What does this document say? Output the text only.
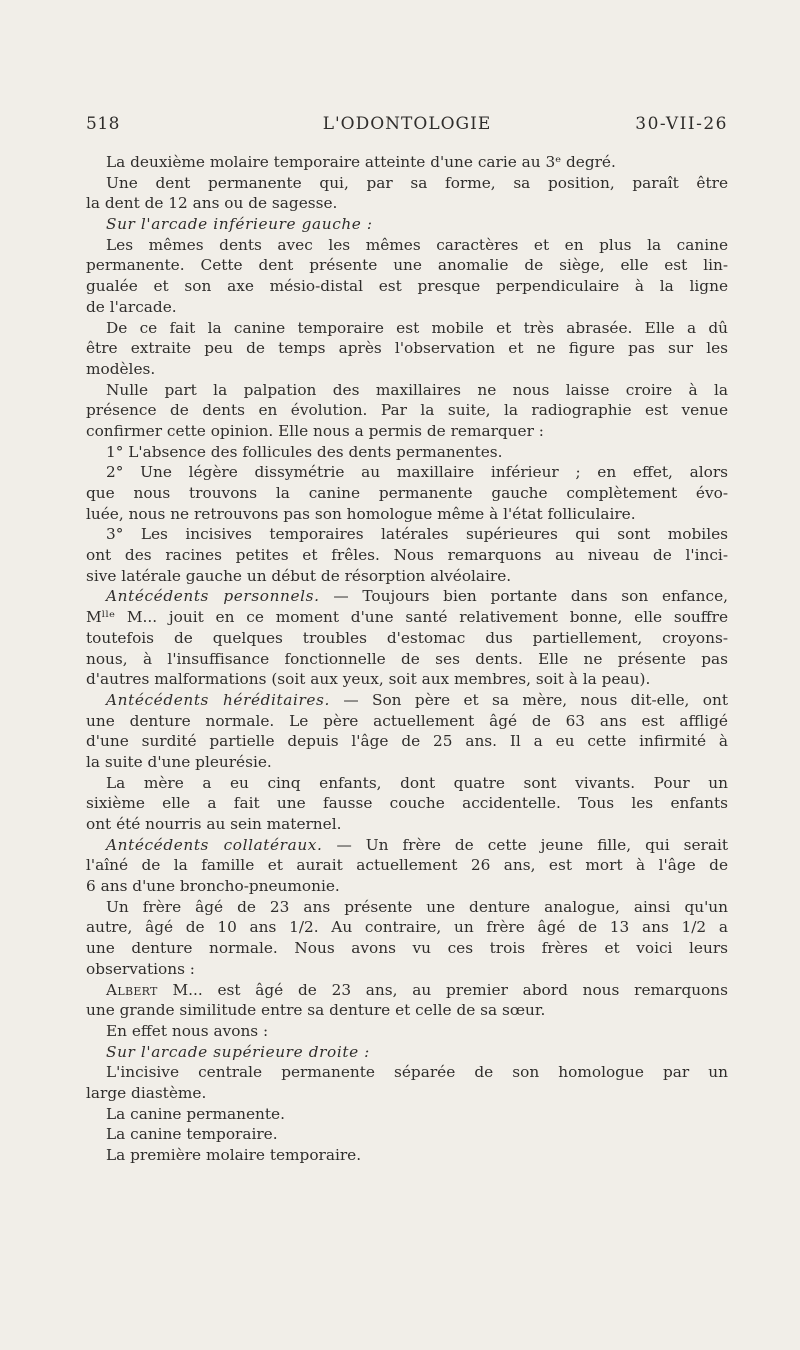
518	L'ODONTOLOGIE	30-VII-26
La deuxième molaire temporaire atteinte d'une carie au 3ᵉ degré.
Une dent permanente qui, par sa forme, sa position, paraît être
la dent de 12 ans ou de sagesse.
Sur l'arcade inférieure gauche :
Les mêmes dents avec les mêmes caractères et en plus la canine
permanente. Cette dent présente une anomalie de siège, elle est lin-
gualée et son axe mésio-distal est presque perpendiculaire à la ligne
de l'arcade.
De ce fait la canine temporaire est mobile et très abrasée. Elle a dû
être extraite peu de temps après l'observation et ne figure pas sur les
modèles.
Nulle part la palpation des maxillaires ne nous laisse croire à la
présence de dents en évolution. Par la suite, la radiographie est venue
confirmer cette opinion. Elle nous a permis de remarquer :
1° L'absence des follicules des dents permanentes.
2° Une légère dissymétrie au maxillaire inférieur ; en effet, alors
que nous trouvons la canine permanente gauche complètement évo-
luée, nous ne retrouvons pas son homologue même à l'état folliculaire.
3° Les incisives temporaires latérales supérieures qui sont mobiles
ont des racines petites et frêles. Nous remarquons au niveau de l'inci-
sive latérale gauche un début de résorption alvéolaire.
Antécédents personnels. — Toujours bien portante dans son enfance,
Mˡˡᵉ M... jouit en ce moment d'une santé relativement bonne, elle souffre
toutefois de quelques troubles d'estomac dus partiellement, croyons-
nous, à l'insuffisance fonctionnelle de ses dents. Elle ne présente pas
d'autres malformations (soit aux yeux, soit aux membres, soit à la peau).
Antécédents héréditaires. — Son père et sa mère, nous dit-elle, ont
une denture normale. Le père actuellement âgé de 63 ans est affligé
d'une surdité partielle depuis l'âge de 25 ans. Il a eu cette infirmité à
la suite d'une pleurésie.
La mère a eu cinq enfants, dont quatre sont vivants. Pour un
sixième elle a fait une fausse couche accidentelle. Tous les enfants
ont été nourris au sein maternel.
Antécédents collatéraux. — Un frère de cette jeune fille, qui serait
l'aîné de la famille et aurait actuellement 26 ans, est mort à l'âge de
6 ans d'une broncho-pneumonie.
Un frère âgé de 23 ans présente une denture analogue, ainsi qu'un
autre, âgé de 10 ans 1/2. Au contraire, un frère âgé de 13 ans 1/2 a
une denture normale. Nous avons vu ces trois frères et voici leurs
observations :
Albert M... est âgé de 23 ans, au premier abord nous remarquons
une grande similitude entre sa denture et celle de sa sœur.
En effet nous avons :
Sur l'arcade supérieure droite :
L'incisive centrale permanente séparée de son homologue par un
large diastème.
La canine permanente.
La canine temporaire.
La première molaire temporaire.
